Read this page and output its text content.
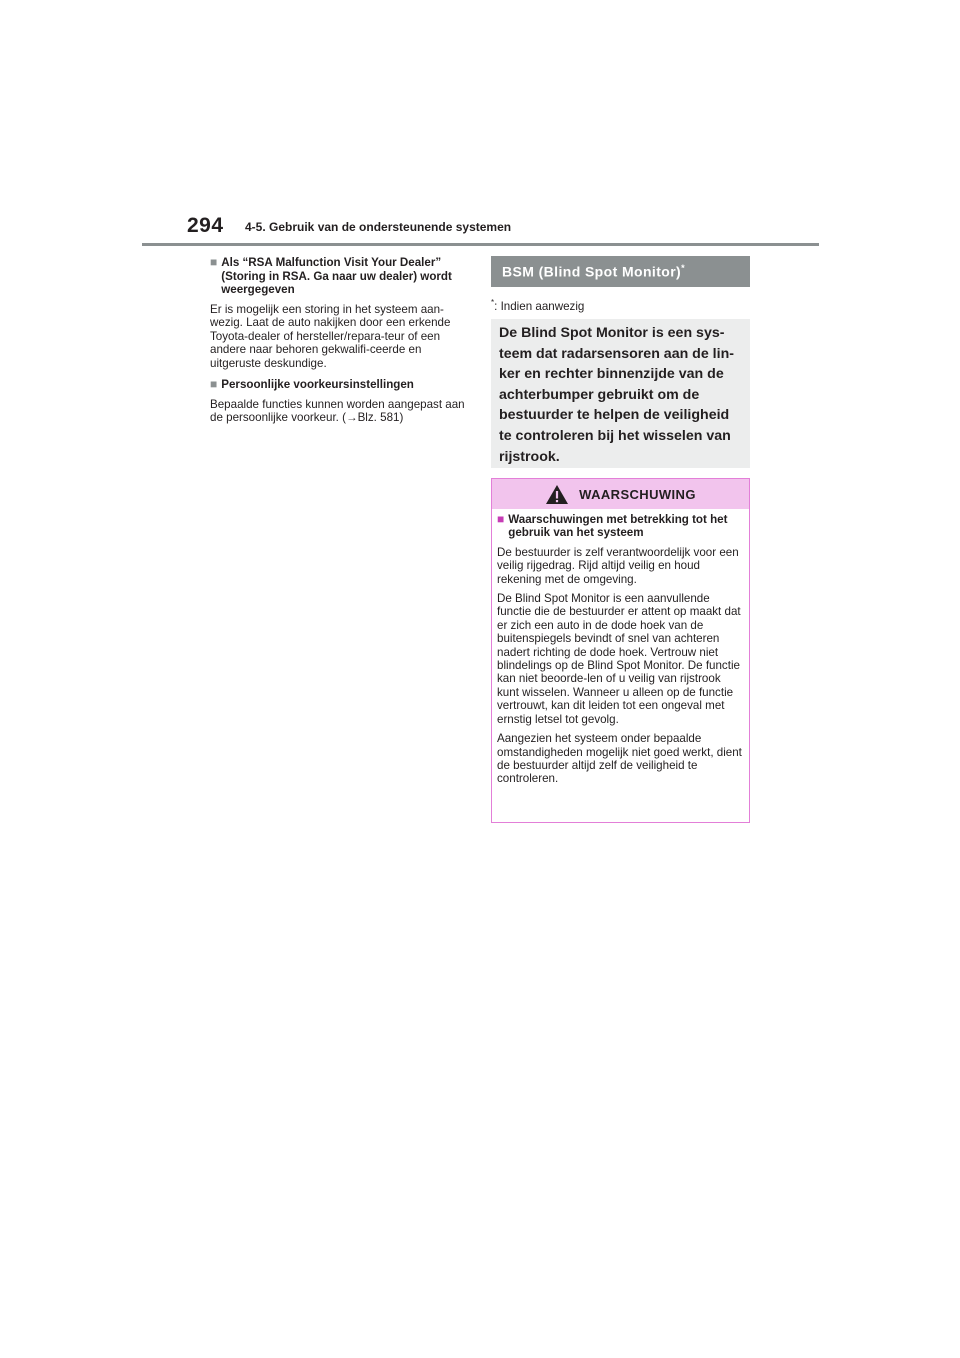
294 4-5. Gebruik van de ondersteunende systemen
■ Als “RSA Malfunction Visit Your Dealer” (Storing in RSA. Ga naar uw dealer) wordt weergegeven

Er is mogelijk een storing in het systeem aan-wezig. Laat de auto nakijken door een erkende Toyota-dealer of hersteller/repara-teur of een andere naar behoren gekwalifi-ceerde en uitgeruste deskundige.

■ Persoonlijke voorkeursinstellingen

Bepaalde functies kunnen worden aangepast aan de persoonlijke voorkeur. (→Blz. 581)

BSM (Blind Spot Monitor)*
*: Indien aanwezig
De Blind Spot Monitor is een sys-teem dat radarsensoren aan de lin-ker en rechter binnenzijde van de achterbumper gebruikt om de bestuurder te helpen de veiligheid te controleren bij het wisselen van rijstrook.
WAARSCHUWING
■ Waarschuwingen met betrekking tot het gebruik van het systeem

De bestuurder is zelf verantwoordelijk voor een veilig rijgedrag. Rijd altijd veilig en houd rekening met de omgeving.

De Blind Spot Monitor is een aanvullende functie die de bestuurder er attent op maakt dat er zich een auto in de dode hoek van de buitenspiegels bevindt of snel van achteren nadert richting de dode hoek. Vertrouw niet blindelings op de Blind Spot Monitor. De functie kan niet beoorde-len of u veilig van rijstrook kunt wisselen. Wanneer u alleen op de functie vertrouwt, kan dit leiden tot een ongeval met ernstig letsel tot gevolg.

Aangezien het systeem onder bepaalde omstandigheden mogelijk niet goed werkt, dient de bestuurder altijd zelf de veiligheid te controleren.
